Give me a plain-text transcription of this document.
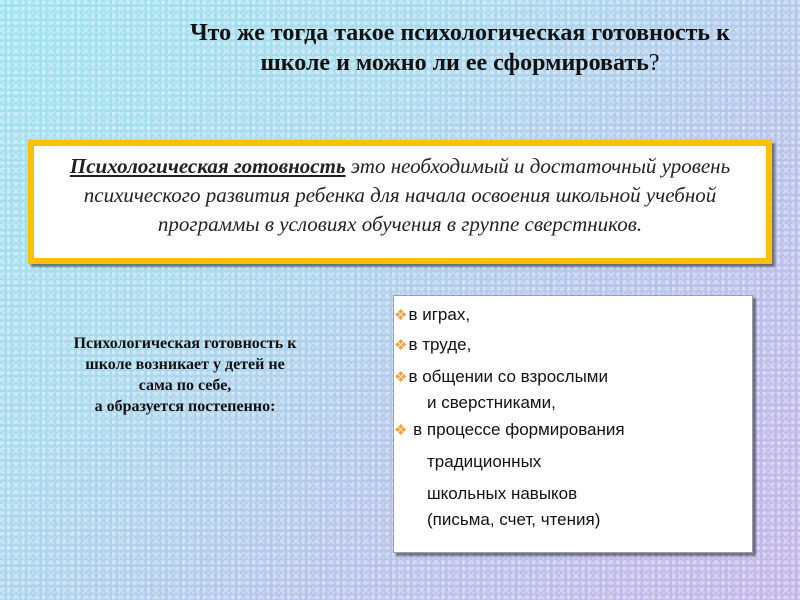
Что же тогда такое психологическая готовность к школе и можно ли ее сформировать?
Психологическая готовность это необходимый и достаточный уровень психического развития ребенка для начала освоения школьной учебной программы в условиях обучения в группе сверстников.
Психологическая готовность к
школе возникает у детей не
сама по себе,
а образуется постепенно:
❖в играх,
❖в труде,
❖в общении со взрослыми
и сверстниками,
❖ в процессе формирования
традиционных
школьных навыков
(письма, счет, чтения)
